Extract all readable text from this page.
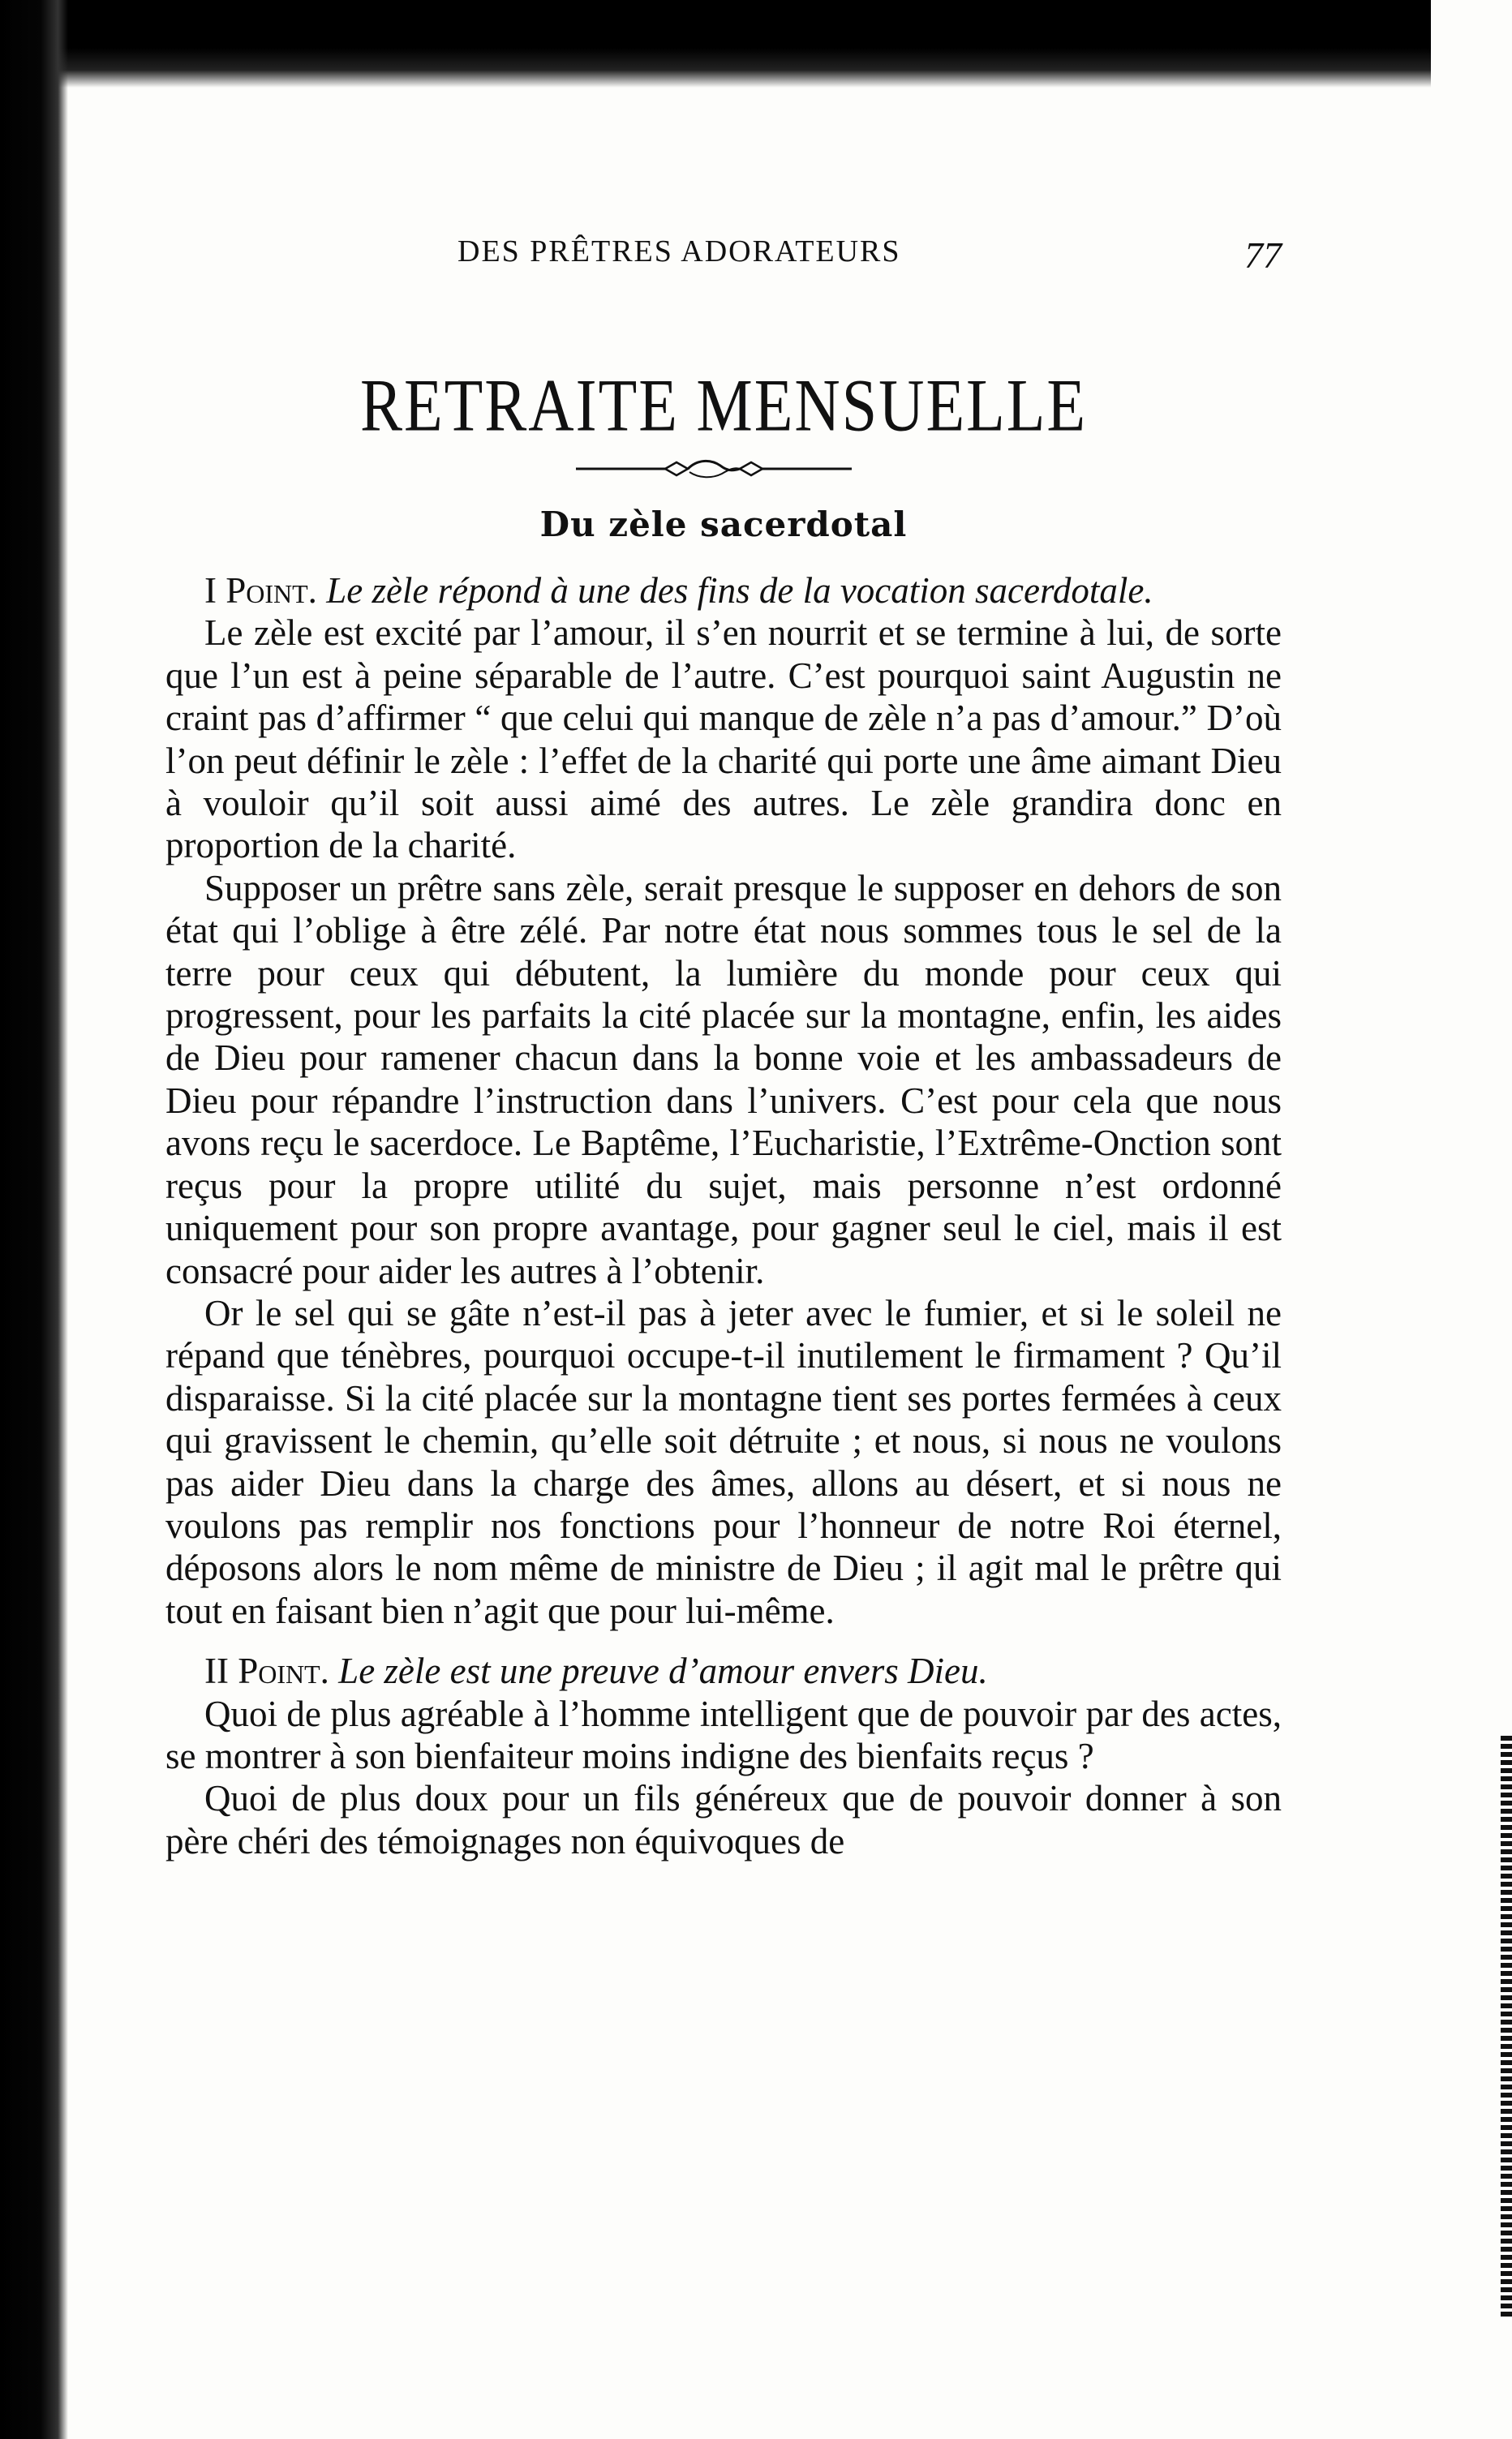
DES PRÊTRES ADORATEURS	77
RETRAITE MENSUELLE
Du zèle sacerdotal

I Point. Le zèle répond à une des fins de la vocation sacerdotale.

Le zèle est excité par l’amour, il s’en nourrit et se termine à lui, de sorte que l’un est à peine séparable de l’autre. C’est pourquoi saint Augustin ne craint pas d’affirmer “ que celui qui manque de zèle n’a pas d’amour.” D’où l’on peut définir le zèle : l’effet de la charité qui porte une âme aimant Dieu à vouloir qu’il soit aussi aimé des autres. Le zèle grandira donc en proportion de la charité.

Supposer un prêtre sans zèle, serait presque le supposer en dehors de son état qui l’oblige à être zélé. Par notre état nous sommes tous le sel de la terre pour ceux qui débutent, la lumière du monde pour ceux qui progressent, pour les parfaits la cité placée sur la montagne, enfin, les aides de Dieu pour ramener chacun dans la bonne voie et les ambassadeurs de Dieu pour répandre l’instruction dans l’univers. C’est pour cela que nous avons reçu le sacerdoce. Le Baptême, l’Eucharistie, l’Extrême-Onction sont reçus pour la propre utilité du sujet, mais personne n’est ordonné uniquement pour son propre avantage, pour gagner seul le ciel, mais il est consacré pour aider les autres à l’obtenir.

Or le sel qui se gâte n’est-il pas à jeter avec le fumier, et si le soleil ne répand que ténèbres, pourquoi occupe-t-il inutilement le firmament ? Qu’il disparaisse. Si la cité placée sur la montagne tient ses portes fermées à ceux qui gravissent le chemin, qu’elle soit détruite ; et nous, si nous ne voulons pas aider Dieu dans la charge des âmes, allons au désert, et si nous ne voulons pas remplir nos fonctions pour l’honneur de notre Roi éternel, déposons alors le nom même de ministre de Dieu ; il agit mal le prêtre qui tout en faisant bien n’agit que pour lui-même.

II Point. Le zèle est une preuve d’amour envers Dieu.

Quoi de plus agréable à l’homme intelligent que de pouvoir par des actes, se montrer à son bienfaiteur moins indigne des bienfaits reçus ?

Quoi de plus doux pour un fils généreux que de pouvoir donner à son père chéri des témoignages non équivoques de
